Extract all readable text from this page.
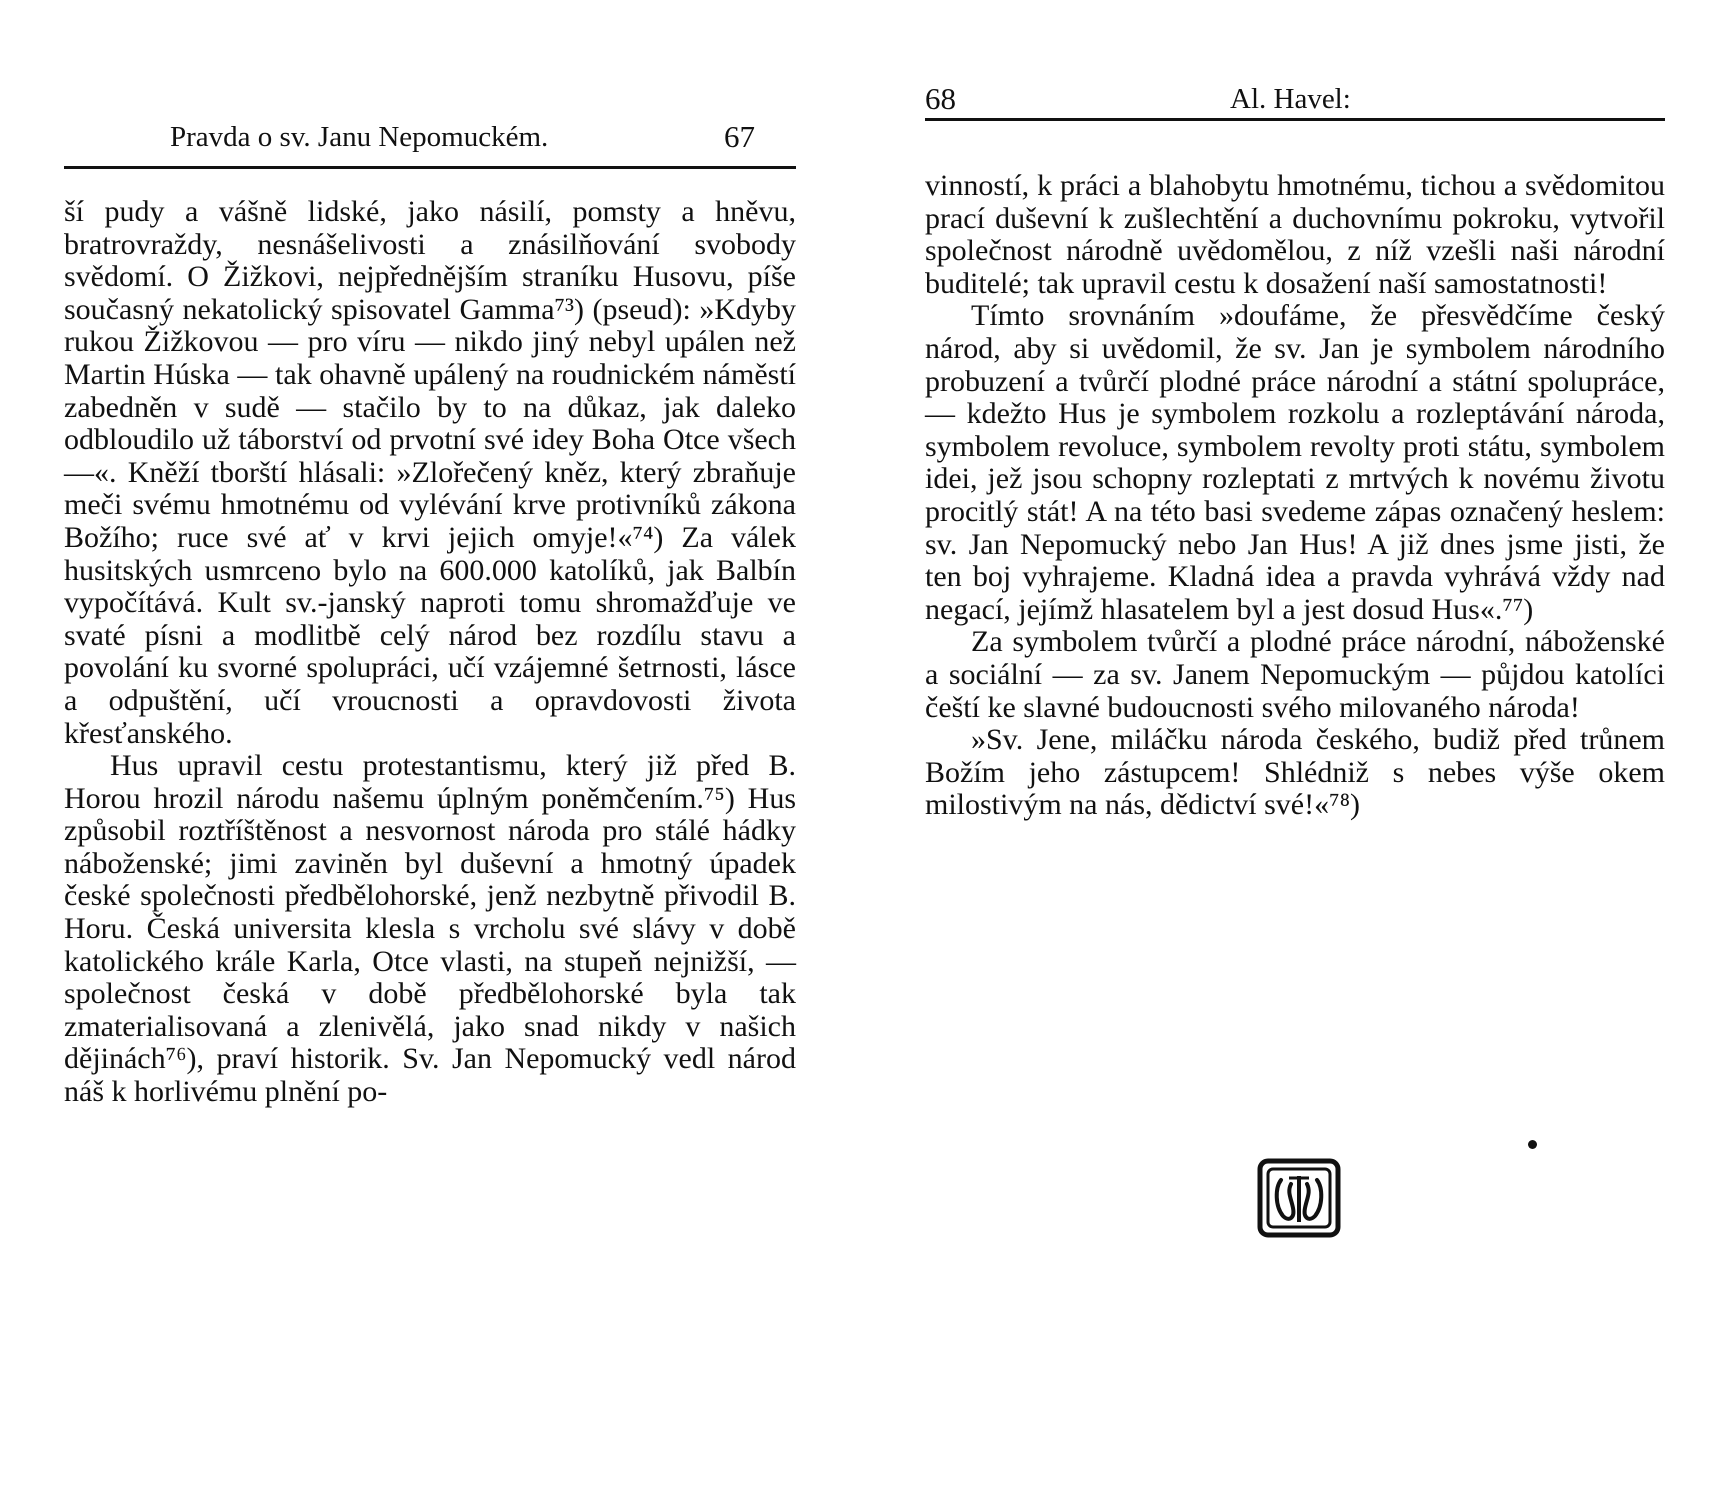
Pravda o sv. Janu Nepomuckém.	67

ší pudy a vášně lidské, jako násilí, pomsty a hněvu, bratrovraždy, nesnášelivosti a znásilňování svobody svědomí. O Žižkovi, nejpřednějším straníku Husovu, píše současný nekatolický spisovatel Gamma⁷³) (pseud): »Kdyby rukou Žižkovou — pro víru — nikdo jiný nebyl upálen než Martin Húska — tak ohavně upálený na roudnickém náměstí zabedněn v sudě — stačilo by to na důkaz, jak daleko odbloudilo už táborství od prvotní své idey Boha Otce všech —«. Kněží tborští hlásali: »Zlořečený kněz, který zbraňuje meči svému hmotnému od vylévání krve protivníků zákona Božího; ruce své ať v krvi jejich omyje!«⁷⁴) Za válek husitských usmrceno bylo na 600.000 katolíků, jak Balbín vypočítává. Kult sv.-janský naproti tomu shromažďuje ve svaté písni a modlitbě celý národ bez rozdílu stavu a povolání ku svorné spolupráci, učí vzájemné šetrnosti, lásce a odpuštění, učí vroucnosti a opravdovosti života křesťanského.

Hus upravil cestu protestantismu, který již před B. Horou hrozil národu našemu úplným poněmčením.⁷⁵) Hus způsobil roztříštěnost a nesvornost národa pro stálé hádky náboženské; jimi zaviněn byl duševní a hmotný úpadek české společnosti předbělohorské, jenž nezbytně přivodil B. Horu. Česká universita klesla s vrcholu své slávy v době katolického krále Karla, Otce vlasti, na stupeň nejnižší, — společnost česká v době předbělohorské byla tak zmaterialisovaná a zlenivělá, jako snad nikdy v našich dějinách⁷⁶), praví historik. Sv. Jan Nepomucký vedl národ náš k horlivému plnění po-

68	Al. Havel:

vinností, k práci a blahobytu hmotnému, tichou a svědomitou prací duševní k zušlechtění a duchovnímu pokroku, vytvořil společnost národně uvědomělou, z níž vzešli naši národní buditelé; tak upravil cestu k dosažení naší samostatnosti!

Tímto srovnáním »doufáme, že přesvědčíme český národ, aby si uvědomil, že sv. Jan je symbolem národního probuzení a tvůrčí plodné práce národní a státní spolupráce, — kdežto Hus je symbolem rozkolu a rozleptávání národa, symbolem revoluce, symbolem revolty proti státu, symbolem idei, jež jsou schopny rozleptati z mrtvých k novému životu procitlý stát! A na této basi svedeme zápas označený heslem: sv. Jan Nepomucký nebo Jan Hus! A již dnes jsme jisti, že ten boj vyhrajeme. Kladná idea a pravda vyhrává vždy nad negací, jejímž hlasatelem byl a jest dosud Hus«.⁷⁷)

Za symbolem tvůrčí a plodné práce národní, náboženské a sociální — za sv. Janem Nepomuckým — půjdou katolíci čeští ke slavné budoucnosti svého milovaného národa!

»Sv. Jene, miláčku národa českého, budiž před trůnem Božím jeho zástupcem! Shlédniž s nebes výše okem milostivým na nás, dědictví své!«⁷⁸)
